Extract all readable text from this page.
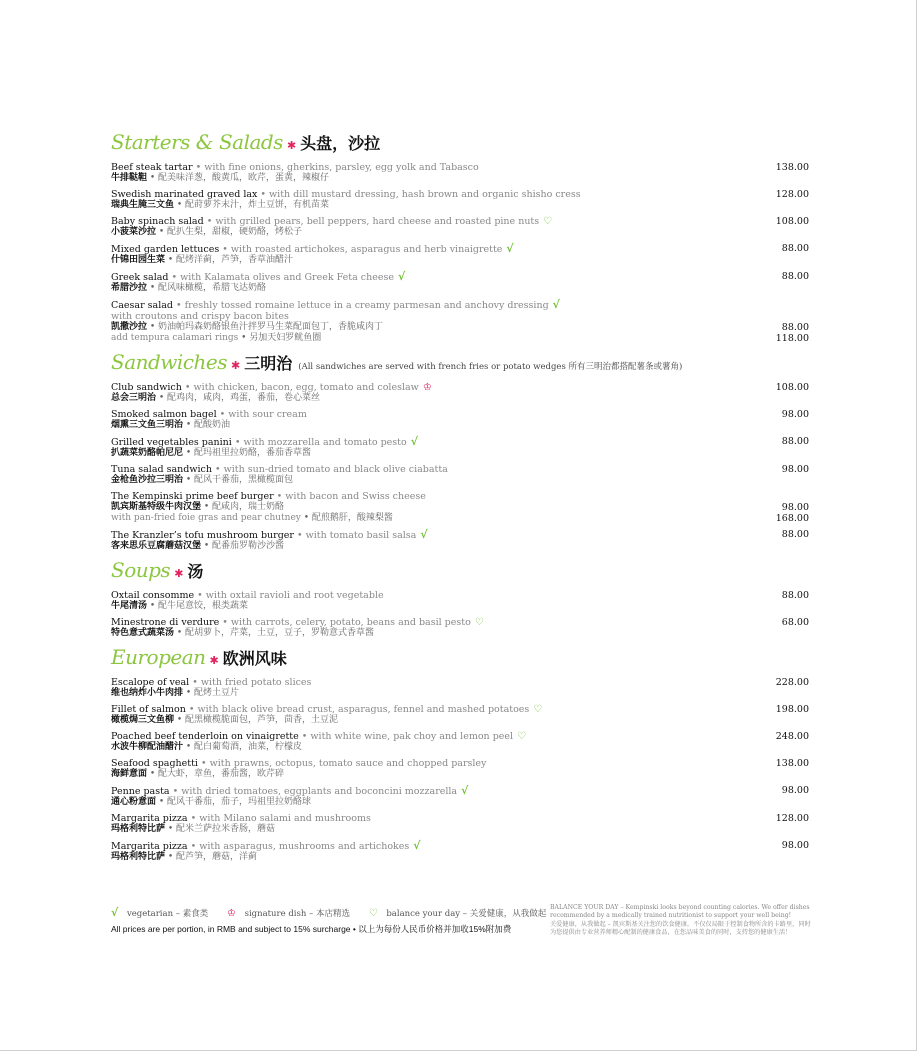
Starters & Salads ✱ 头盘，沙拉
Beef steak tartar • with fine onions, gherkins, parsley, egg yolk and Tabasco
牛排鞑靼 • 配美味洋葱，酸黄瓜，欧芹，蛋黄，辣椒仔
138.00
Swedish marinated graved lax • with dill mustard dressing, hash brown and organic shisho cress
瑞典生腌三文鱼 • 配莳萝芥末汁，炸土豆饼，有机苗菜
128.00
Baby spinach salad • with grilled pears, bell peppers, hard cheese and roasted pine nuts ♡
小菠菜沙拉 • 配扒生梨，甜椒，硬奶酪，烤松子
108.00
Mixed garden lettuces • with roasted artichokes, asparagus and herb vinaigrette √
什锦田园生菜 • 配烤洋蓟，芦笋，香草油醋汁
88.00
Greek salad • with Kalamata olives and Greek Feta cheese √
希腊沙拉 • 配风味橄榄，希腊飞达奶酪
88.00
Caesar salad • freshly tossed romaine lettuce in a creamy parmesan and anchovy dressing √
with croutons and crispy bacon bites
凯撒沙拉 • 奶油帕玛森奶酪银鱼汁拌罗马生菜配面包丁，香脆咸肉丁	88.00
add tempura calamari rings • 另加天妇罗鱿鱼圈	118.00
Sandwiches ✱ 三明治 (All sandwiches are served with french fries or potato wedges 所有三明治都搭配薯条或薯角)
Club sandwich • with chicken, bacon, egg, tomato and coleslaw ♔
总会三明治 • 配鸡肉，咸肉，鸡蛋，番茄，卷心菜丝
108.00
Smoked salmon bagel • with sour cream
烟熏三文鱼三明治 • 配酸奶油
98.00
Grilled vegetables panini • with mozzarella and tomato pesto √
扒蔬菜奶酪帕尼尼 • 配玛祖里拉奶酪，番茄香草酱
88.00
Tuna salad sandwich • with sun-dried tomato and black olive ciabatta
金枪鱼沙拉三明治 • 配风干番茄，黑橄榄面包
98.00
The Kempinski prime beef burger • with bacon and Swiss cheese
凯宾斯基特级牛肉汉堡 • 配咸肉，瑞士奶酪	98.00
with pan-fried foie gras and pear chutney • 配煎鹅肝，酸辣梨酱	168.00
The Kranzler’s tofu mushroom burger • with tomato basil salsa √
客来思乐豆腐蘑菇汉堡 • 配番茄罗勒沙沙酱
88.00
Soups ✱ 汤
Oxtail consomme • with oxtail ravioli and root vegetable
牛尾清汤 • 配牛尾意饺，根类蔬菜
88.00
Minestrone di verdure • with carrots, celery, potato, beans and basil pesto ♡
特色意式蔬菜汤 • 配胡萝卜，芹菜，土豆，豆子，罗勒意式香草酱
68.00
European ✱ 欧洲风味
Escalope of veal • with fried potato slices
维也纳炸小牛肉排 • 配烤土豆片
228.00
Fillet of salmon • with black olive bread crust, asparagus, fennel and mashed potatoes ♡
橄榄焗三文鱼柳 • 配黑橄榄脆面包，芦笋，茴香，土豆泥
198.00
Poached beef tenderloin on vinaigrette • with white wine, pak choy and lemon peel ♡
水波牛柳配油醋汁 • 配白葡萄酒，油菜，柠檬皮
248.00
Seafood spaghetti • with prawns, octopus, tomato sauce and chopped parsley
海鲜意面 • 配大虾，章鱼，番茄酱，欧芹碎
138.00
Penne pasta • with dried tomatoes, eggplants and boconcini mozzarella √
通心粉意面 • 配风干番茄，茄子，玛祖里拉奶酪球
98.00
Margarita pizza • with Milano salami and mushrooms
玛格利特比萨 • 配米兰萨拉米香肠，蘑菇
128.00
Margarita pizza • with asparagus, mushrooms and artichokes √
玛格利特比萨 • 配芦笋，蘑菇，洋蓟
98.00
√ vegetarian – 素食类 ♔ signature dish – 本店精选 ♡ balance your day – 关爱健康，从我做起
All prices are per portion, in RMB and subject to 15% surcharge • 以上为每份人民币价格并加收15%附加费
BALANCE YOUR DAY – Kempinski looks beyond counting calories. We offer dishes recommended by a medically trained nutritionist to support your well being!
关爱健康，从我做起 – 凯宾斯基关注您的饮食健康，不仅仅局限于控制食物所含的卡路里，同时为您提供由专业营养师精心配制的健康食品，在您品味美食的同时，支持您的健康生活！
